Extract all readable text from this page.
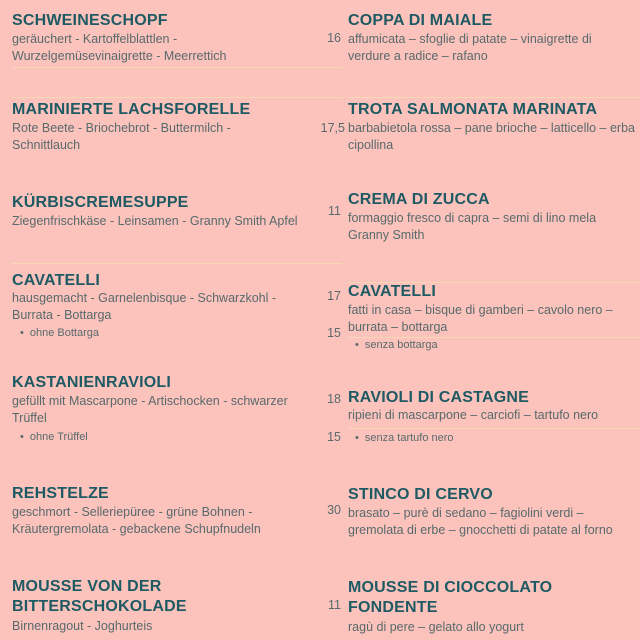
SCHWEINESCHOPF
geräuchert - Kartoffelblattlen - Wurzelgemüsevinaigrette - Meerrettich
16
COPPA DI MAIALE
affumicata – sfoglie di patate – vinaigrette di verdure a radice – rafano
MARINIERTE LACHSFORELLE
Rote Beete - Briochebrot - Buttermilch - Schnittlauch
17,5
TROTA SALMONATA MARINATA
barbabietola rossa – pane brioche – latticello – erba cipollina
KÜRBISCREMESUPPE
Ziegenfrischkäse - Leinsamen - Granny Smith Apfel
11
CREMA DI ZUCCA
formaggio fresco di capra – semi di lino mela Granny Smith
CAVATELLI
hausgemacht - Garnelenbisque - Schwarzkohl - Burrata - Bottarga
• ohne Bottarga
17
15
CAVATELLI
fatti in casa – bisque di gamberi – cavolo nero – burrata – bottarga
• senza bottarga
KASTANIENRAVIOLI
gefüllt mit Mascarpone - Artischocken - schwarzer Trüffel
• ohne Trüffel
18
15
RAVIOLI DI CASTAGNE
ripieni di mascarpone – carciofi – tartufo nero
• senza tartufo nero
REHSTELZE
geschmort - Selleriepüree - grüne Bohnen - Kräutergremolata - gebackene Schupfnudeln
30
STINCO DI CERVO
brasato – purè di sedano – fagiolini verdi – gremolata di erbe – gnocchetti di patate al forno
MOUSSE VON DER BITTERSCHOKOLADE
Birnenragout - Joghurteis
11
MOUSSE DI CIOCCOLATO FONDENTE
ragù di pere – gelato allo yogurt
